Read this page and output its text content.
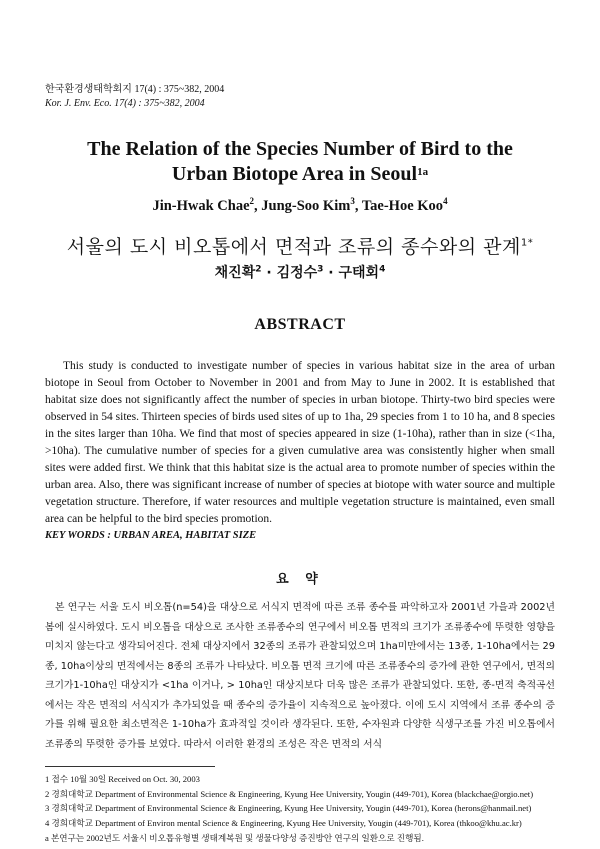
한국환경생태학회지 17(4) : 375~382, 2004
Kor. J. Env. Eco. 17(4) : 375~382, 2004
The Relation of the Species Number of Bird to the
Urban Biotope Area in Seoul$^{1a}$
Jin-Hwak Chae$^2$, Jung-Soo Kim$^3$, Tae-Hoe Koo$^4$
서울의 도시 비오톱에서 면적과 조류의 종수와의 관계$^{1*}$
채진확$^2$ · 김정수$^3$ · 구태회$^4$
ABSTRACT
This study is conducted to investigate number of species in various habitat size in the area of urban biotope in Seoul from October to November in 2001 and from May to June in 2002. It is established that habitat size does not significantly affect the number of species in urban biotope. Thirty-two bird species were observed in 54 sites. Thirteen species of birds used sites of up to 1ha, 29 species from 1 to 10 ha, and 8 species in the sites larger than 10ha. We find that most of species appeared in size (1-10ha), rather than in size (<1ha, >10ha). The cumulative number of species for a given cumulative area was consistently higher when small sites were added first. We think that this habitat size is the actual area to promote number of species within the urban area. Also, there was significant increase of number of species at biotope with water source and multiple vegetation structure. Therefore, if water resources and multiple vegetation structure is maintained, even small area can be helpful to the bird species promotion.
KEY WORDS : URBAN AREA, HABITAT SIZE
요 약
본 연구는 서울 도시 비오톱(n=54)을 대상으로 서식지 면적에 따른 조류 종수를 파악하고자 2001년 가을과 2002년 봄에 실시하였다. 도시 비오톱을 대상으로 조사한 조류종수의 연구에서 비오톱 면적의 크기가 조류종수에 뚜렷한 영향을 미치지 않는다고 생각되어진다. 전체 대상지에서 32종의 조류가 관찰되었으며 1ha미만에서는 13종, 1-10ha에서는 29종, 10ha이상의 면적에서는 8종의 조류가 나타났다. 비오톱 면적 크기에 따른 조류종수의 증가에 관한 연구에서, 면적의 크기가1-10ha인 대상지가 <1ha 이거나, > 10ha인 대상지보다 더욱 많은 조류가 관찰되었다. 또한, 종-면적 축적곡선에서는 작은 면적의 서식지가 추가되었을 때 종수의 증가율이 지속적으로 높아졌다. 이에 도시 지역에서 조류 종수의 증가를 위해 필요한 최소면적은 1-10ha가 효과적일 것이라 생각된다. 또한, 수자원과 다양한 식생구조를 가진 비오톱에서 조류종의 뚜렷한 증가를 보였다. 따라서 이러한 환경의 조성은 작은 면적의 서식
1 접수 10월 30일 Received on Oct. 30, 2003
2 경희대학교 Department of Environmental Science & Engineering, Kyung Hee University, Yougin (449-701), Korea (blackchae@orgio.net)
3 경희대학교 Department of Environmental Science & Engineering, Kyung Hee University, Yougin (449-701), Korea (herons@hanmail.net)
4 경희대학교 Department of Environ mental Science & Engineering, Kyung Hee University, Yougin (449-701), Korea (thkoo@khu.ac.kr)
a 본연구는 2002년도 서울시 비오톱유형별 생태계복원 및 생물다양성 증진방안 연구의 일환으로 진행됨.
